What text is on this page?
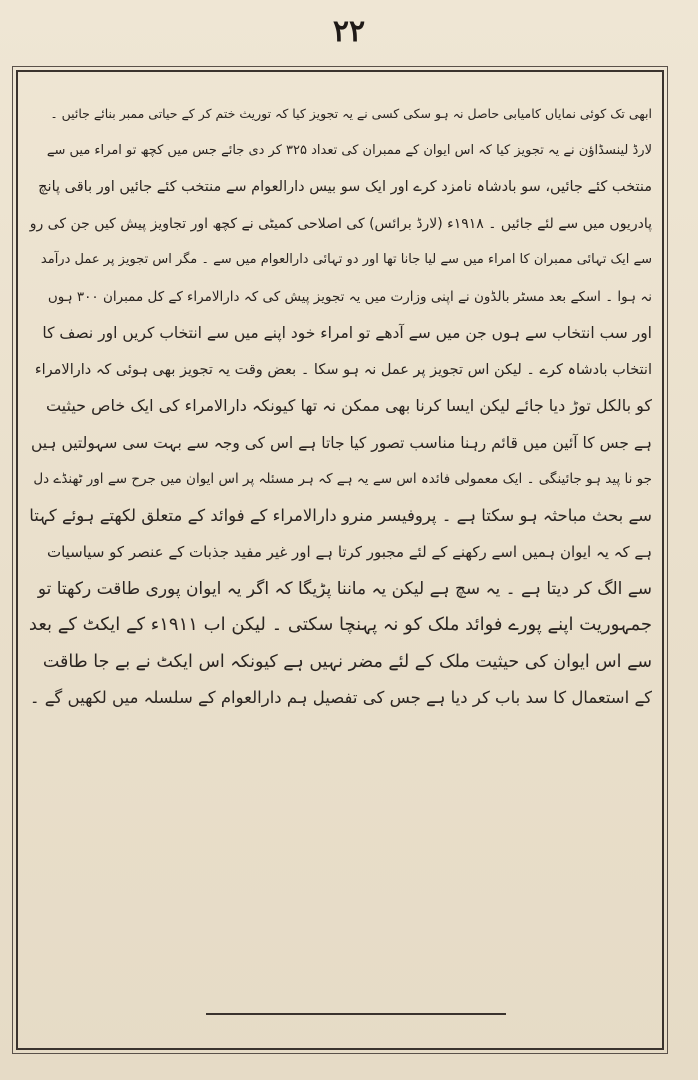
۲۲
ابھی تک کوئی نمایاں کامیابی حاصل نہ ہو سکی کسی نے یہ تجویز کیا کہ توریث ختم کر کے حیاتی ممبر بنائے جائیں ۔
لارڈ لینسڈاؤن نے یہ تجویز کیا کہ اس ایوان کے ممبران کی تعداد ۳۲۵ کر دی جائے جس میں کچھ تو امراء میں سے
منتخب کئے جائیں، سو بادشاہ نامزد کرے اور ایک سو بیس دارالعوام سے منتخب کئے جائیں اور باقی پانچ
پادریوں میں سے لئے جائیں ۔ ۱۹۱۸ء (لارڈ برائس) کی اصلاحی کمیٹی نے کچھ اور تجاویز پیش کیں جن کی رو
سے ایک تہائی ممبران کا امراء میں سے لیا جانا تھا اور دو تہائی دارالعوام میں سے ۔ مگر اس تجویز پر عمل درآمد
نہ ہوا ۔ اسکے بعد مسٹر بالڈون نے اپنی وزارت میں یہ تجویز پیش کی کہ دارالامراء کے کل ممبران ۳۰۰ ہوں
اور سب انتخاب سے ہوں جن میں سے آدھے تو امراء خود اپنے میں سے انتخاب کریں اور نصف کا
انتخاب بادشاہ کرے ۔ لیکن اس تجویز پر عمل نہ ہو سکا ۔ بعض وقت یہ تجویز بھی ہوئی کہ دارالامراء
کو بالکل توڑ دیا جائے لیکن ایسا کرنا بھی ممکن نہ تھا کیونکہ دارالامراء کی ایک خاص حیثیت
ہے جس کا آئین میں قائم رہنا مناسب تصور کیا جاتا ہے اس کی وجہ سے بہت سی سہولتیں ہیں
جو نا پید ہو جائینگی ۔ ایک معمولی فائدہ اس سے یہ ہے کہ ہر مسئلہ پر اس ایوان میں جرح سے اور ٹھنڈے دل
سے بحث مباحثہ ہو سکتا ہے ۔ پروفیسر منرو دارالامراء کے فوائد کے متعلق لکھتے ہوئے کہتا
ہے کہ یہ ایوان ہمیں اسے رکھنے کے لئے مجبور کرتا ہے اور غیر مفید جذبات کے عنصر کو سیاسیات
سے الگ کر دیتا ہے ۔ یہ سچ ہے لیکن یہ ماننا پڑیگا کہ اگر یہ ایوان پوری طاقت رکھتا تو
جمہوریت اپنے پورے فوائد ملک کو نہ پہنچا سکتی ۔ لیکن اب ۱۹۱۱ء کے ایکٹ کے بعد
سے اس ایوان کی حیثیت ملک کے لئے مضر نہیں ہے کیونکہ اس ایکٹ نے بے جا طاقت
کے استعمال کا سد باب کر دیا ہے جس کی تفصیل ہم دارالعوام کے سلسلہ میں لکھیں گے ۔
